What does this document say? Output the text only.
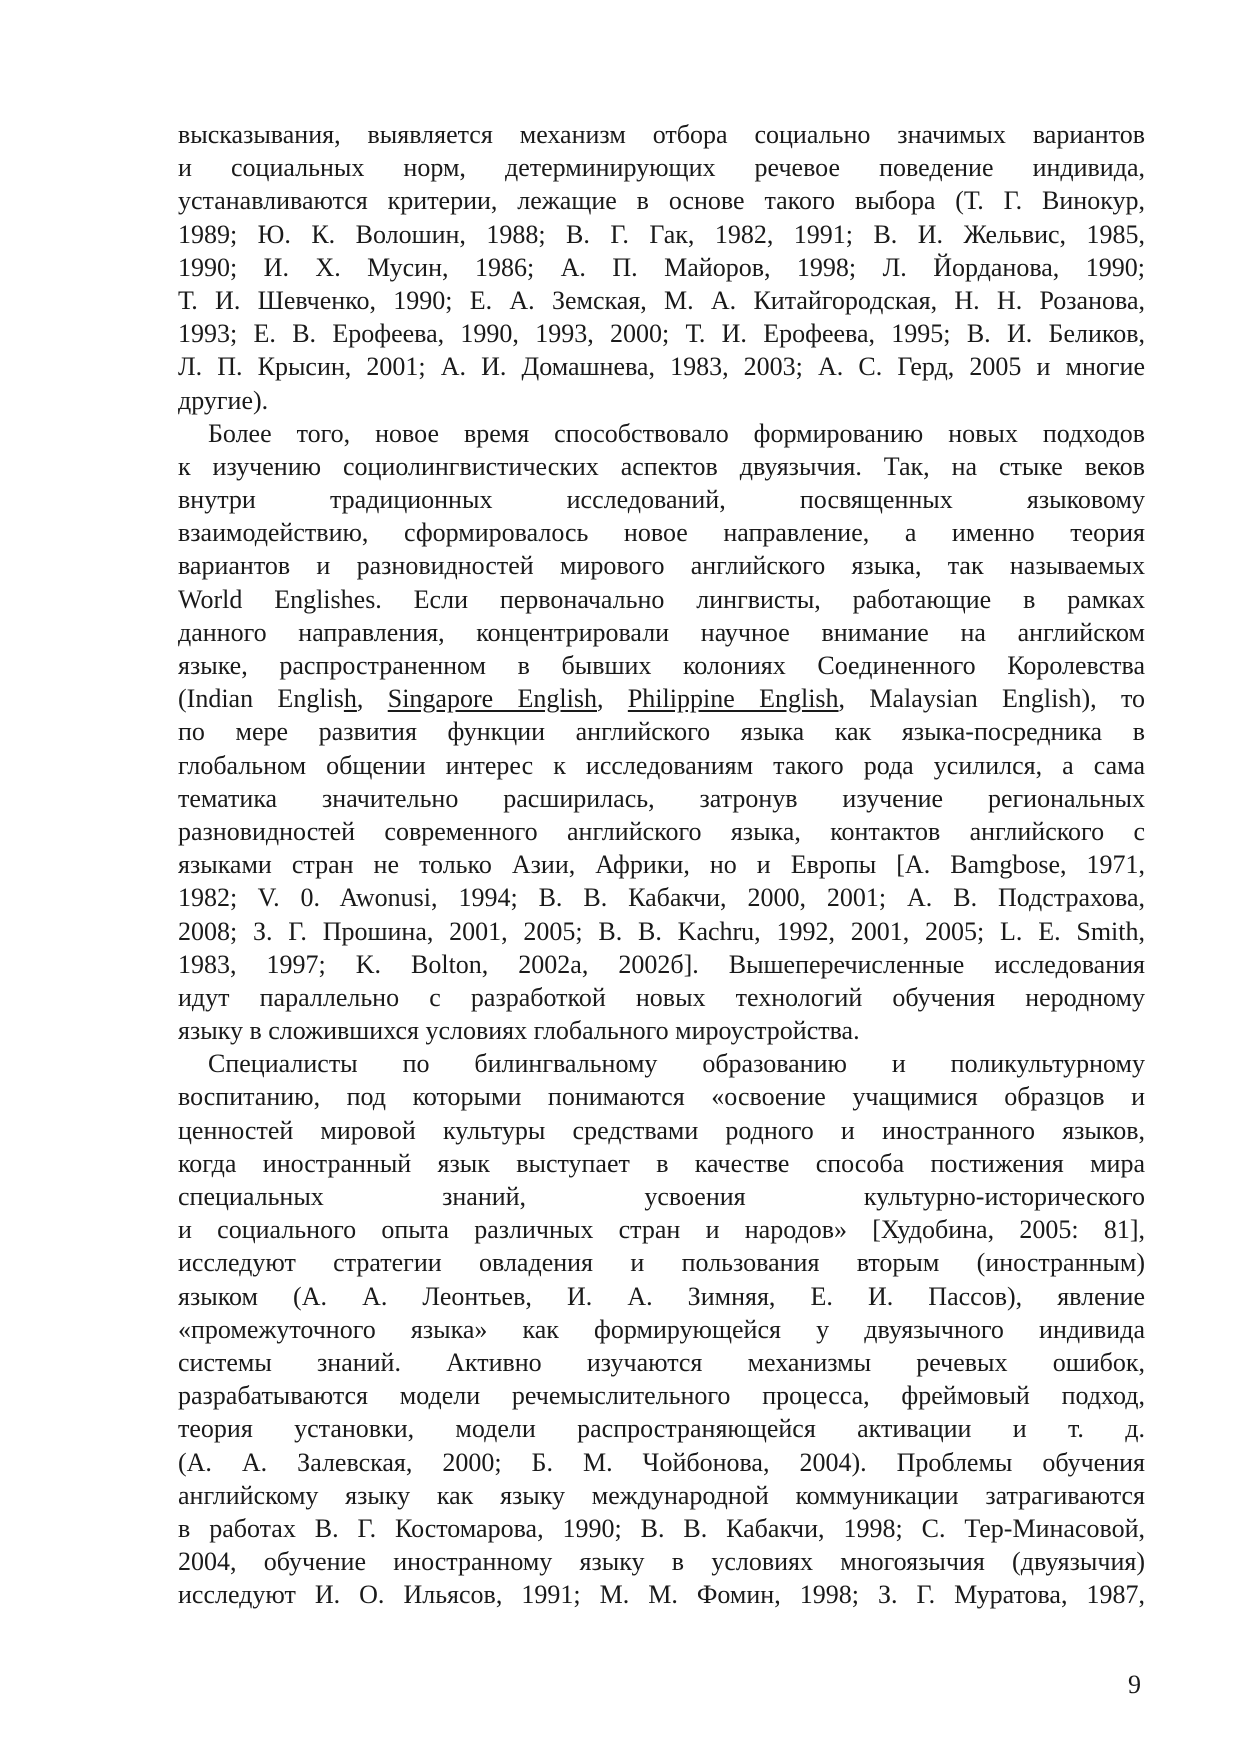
высказывания, выявляется механизм отбора социально значимых вариантов
и социальных норм, детерминирующих речевое поведение индивида,
устанавливаются критерии, лежащие в основе такого выбора (Т. Г. Винокур,
1989; Ю. К. Волошин, 1988; В. Г. Гак, 1982, 1991; В. И. Жельвис, 1985,
1990; И. Х. Мусин, 1986; А. П. Майоров, 1998; Л. Йорданова, 1990;
Т. И. Шевченко, 1990; Е. А. Земская, М. А. Китайгородская, Н. Н. Розанова,
1993; Е. В. Ерофеева, 1990, 1993, 2000; Т. И. Ерофеева, 1995; В. И. Беликов,
Л. П. Крысин, 2001; А. И. Домашнева, 1983, 2003; А. С. Герд, 2005 и многие
другие).
Более того, новое время способствовало формированию новых подходов
к изучению социолингвистических аспектов двуязычия. Так, на стыке веков
внутри традиционных исследований, посвященных языковому
взаимодействию, сформировалось новое направление, а именно теория
вариантов и разновидностей мирового английского языка, так называемых
World Englishes. Если первоначально лингвисты, работающие в рамках
данного направления, концентрировали научное внимание на английском
языке, распространенном в бывших колониях Соединенного Королевства
(Indian English, Singapore English, Philippine English, Malaysian English), то
по мере развития функции английского языка как языка-посредника в
глобальном общении интерес к исследованиям такого рода усилился, а сама
тематика значительно расширилась, затронув изучение региональных
разновидностей современного английского языка, контактов английского с
языками стран не только Азии, Африки, но и Европы [A. Bamgbose, 1971,
1982; V. 0. Awonusi, 1994; В. В. Кабакчи, 2000, 2001; А. В. Подстрахова,
2008; З. Г. Прошина, 2001, 2005; B. B. Kachru, 1992, 2001, 2005; L. E. Smith,
1983, 1997; K. Bolton, 2002а, 2002б]. Вышеперечисленные исследования
идут параллельно с разработкой новых технологий обучения неродному
языку в сложившихся условиях глобального мироустройства.
Специалисты по билингвальному образованию и поликультурному
воспитанию, под которыми понимаются «освоение учащимися образцов и
ценностей мировой культуры средствами родного и иностранного языков,
когда иностранный язык выступает в качестве способа постижения мира
специальных знаний, усвоения культурно-исторического
и социального опыта различных стран и народов» [Худобина, 2005: 81],
исследуют стратегии овладения и пользования вторым (иностранным)
языком (А. А. Леонтьев, И. А. Зимняя, Е. И. Пассов), явление
«промежуточного языка» как формирующейся у двуязычного индивида
системы знаний. Активно изучаются механизмы речевых ошибок,
разрабатываются модели речемыслительного процесса, фреймовый подход,
теория установки, модели распространяющейся активации и т. д.
(А. А. Залевская, 2000; Б. М. Чойбонова, 2004). Проблемы обучения
английскому языку как языку международной коммуникации затрагиваются
в работах В. Г. Костомарова, 1990; В. В. Кабакчи, 1998; С. Тер-Минасовой,
2004, обучение иностранному языку в условиях многоязычия (двуязычия)
исследуют И. О. Ильясов, 1991; М. М. Фомин, 1998; З. Г. Муратова, 1987,
9
